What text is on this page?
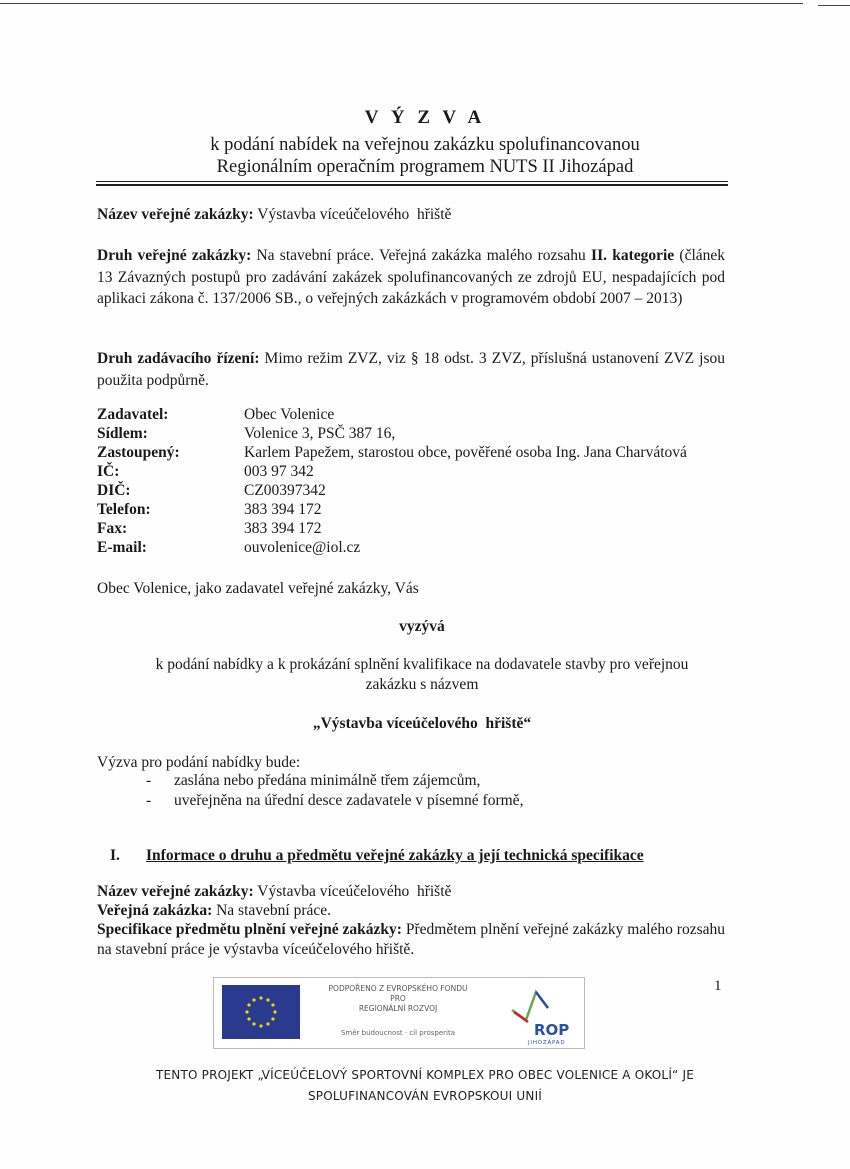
V Ý Z V A
k podání nabídek na veřejnou zakázku spolufinancovanou
Regionálním operačním programem NUTS II Jihozápad
Název veřejné zakázky: Výstavba víceúčelového  hřiště
Druh veřejné zakázky: Na stavební práce. Veřejná zakázka malého rozsahu II. kategorie (článek 13 Závazných postupů pro zadávání zakázek spolufinancovaných ze zdrojů EU, nespadajících pod aplikaci zákona č. 137/2006 SB., o veřejných zakázkách v programovém období 2007 – 2013)
Druh zadávacího řízení: Mimo režim ZVZ, viz § 18 odst. 3 ZVZ, příslušná ustanovení ZVZ jsou použita podpůrně.
Zadavatel:	Obec Volenice
Sídlem:	Volenice 3, PSČ 387 16,
Zastoupený:	Karlem Papežem, starostou obce, pověřené osoba Ing. Jana Charvátová
IČ:	003 97 342
DIČ:	CZ00397342
Telefon:	383 394 172
Fax:	383 394 172
E-mail:	ouvolenice@iol.cz
Obec Volenice, jako zadavatel veřejné zakázky, Vás
vyzývá
k podání nabídky a k prokázání splnění kvalifikace na dodavatele stavby pro veřejnou
zakázku s názvem
„Výstavba víceúčelového  hřiště“
Výzva pro podání nabídky bude:
- zaslána nebo předána minimálně třem zájemcům,
- uveřejněna na úřední desce zadavatele v písemné formě,
I. Informace o druhu a předmětu veřejné zakázky a její technická specifikace
Název veřejné zakázky: Výstavba víceúčelového  hřiště
Veřejná zakázka: Na stavební práce.
Specifikace předmětu plnění veřejné zakázky: Předmětem plnění veřejné zakázky malého rozsahu na stavební práce je výstavba víceúčelového hřiště.
1
PODPOŘENO Z EVROPSKÉHO FONDU
PRO
REGIONÁLNÍ ROZVOJ
Směr budoucnost · cíl prosperita	ROP
JIHOZÁPAD
TENTO PROJEKT „VÍCEÚČELOVÝ SPORTOVNÍ KOMPLEX PRO OBEC VOLENICE A OKOLÍ“ JE
SPOLUFINANCOVÁN EVROPSKOUI UNIÍ
